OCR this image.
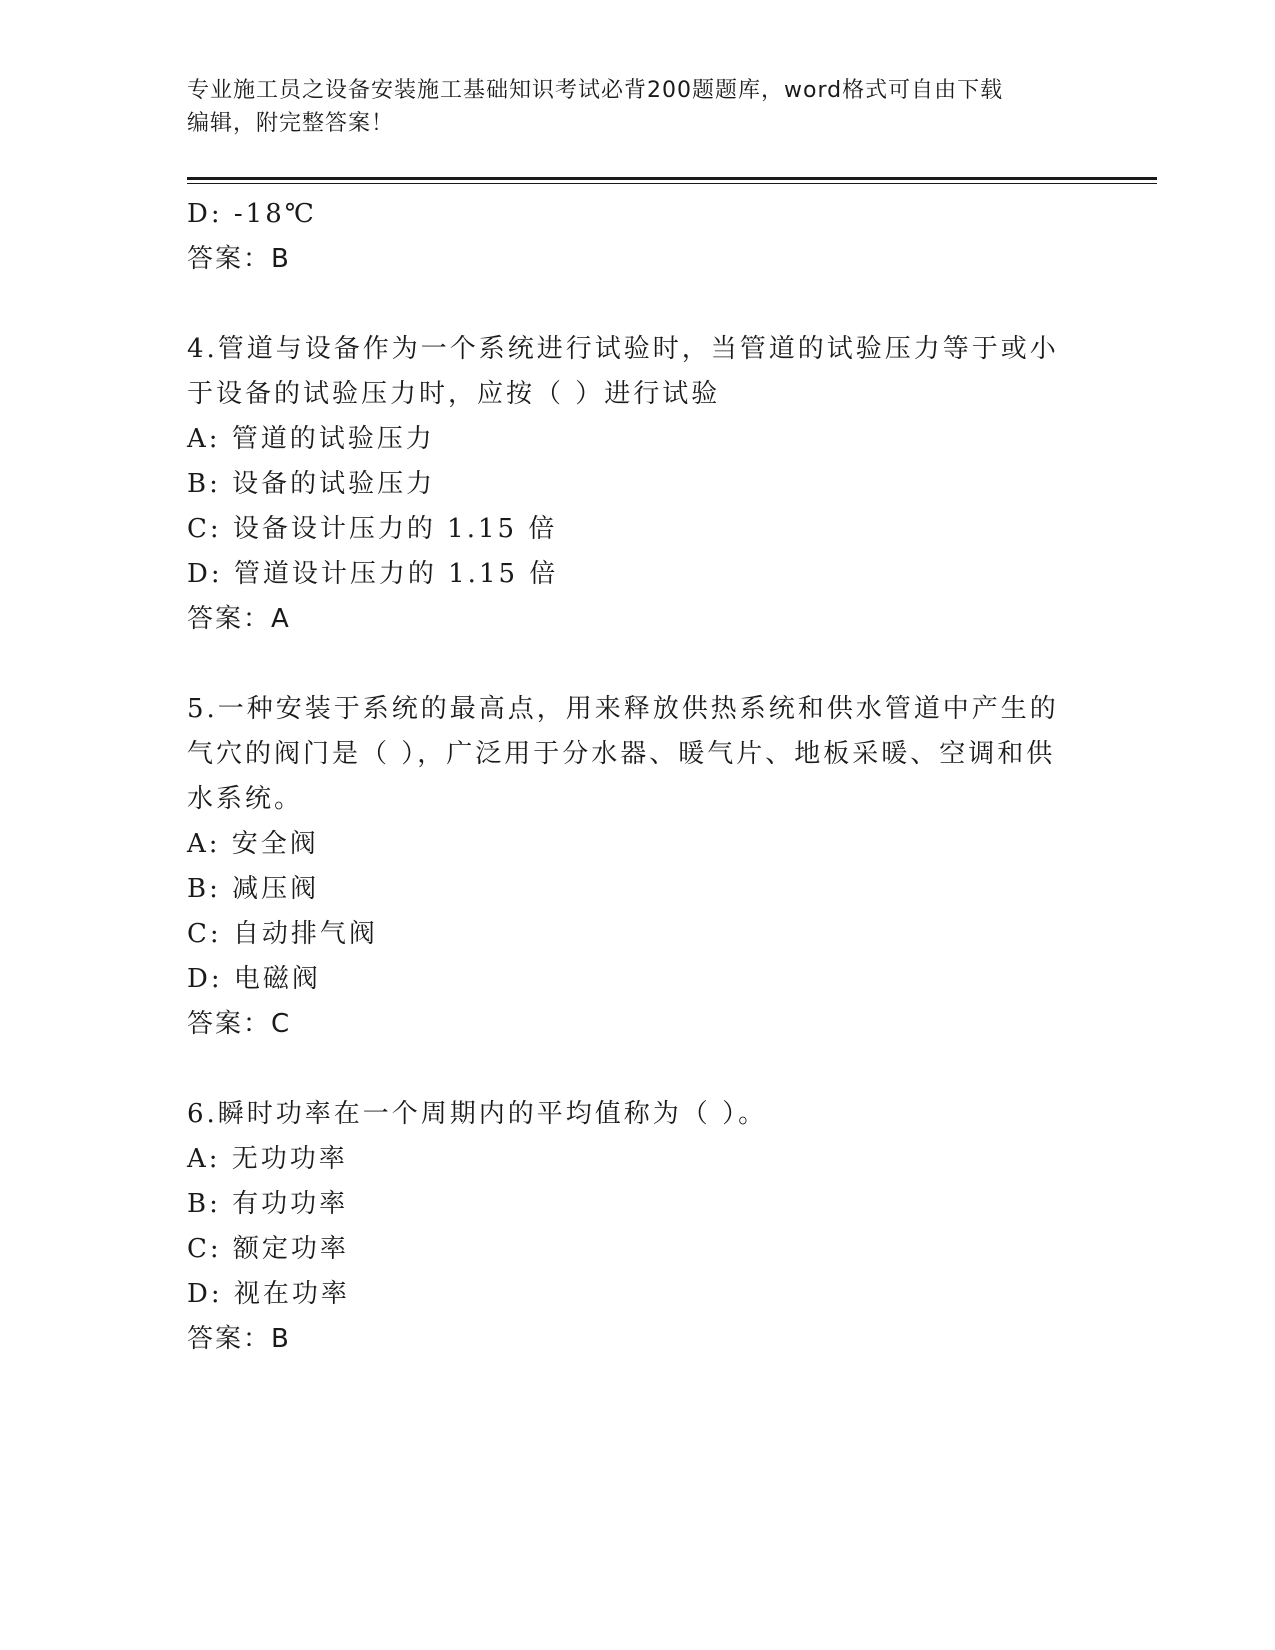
专业施工员之设备安装施工基础知识考试必背200题题库，word格式可自由下载
编辑，附完整答案！
D: -18℃
答案：B
4.管道与设备作为一个系统进行试验时，当管道的试验压力等于或小
于设备的试验压力时，应按（ ）进行试验
A: 管道的试验压力
B: 设备的试验压力
C: 设备设计压力的 1.15 倍
D: 管道设计压力的 1.15 倍
答案：A
5.一种安装于系统的最高点，用来释放供热系统和供水管道中产生的
气穴的阀门是（ ），广泛用于分水器、暖气片、地板采暖、空调和供
水系统。
A: 安全阀
B: 减压阀
C: 自动排气阀
D: 电磁阀
答案：C
6.瞬时功率在一个周期内的平均值称为（ ）。
A: 无功功率
B: 有功功率
C: 额定功率
D: 视在功率
答案：B
